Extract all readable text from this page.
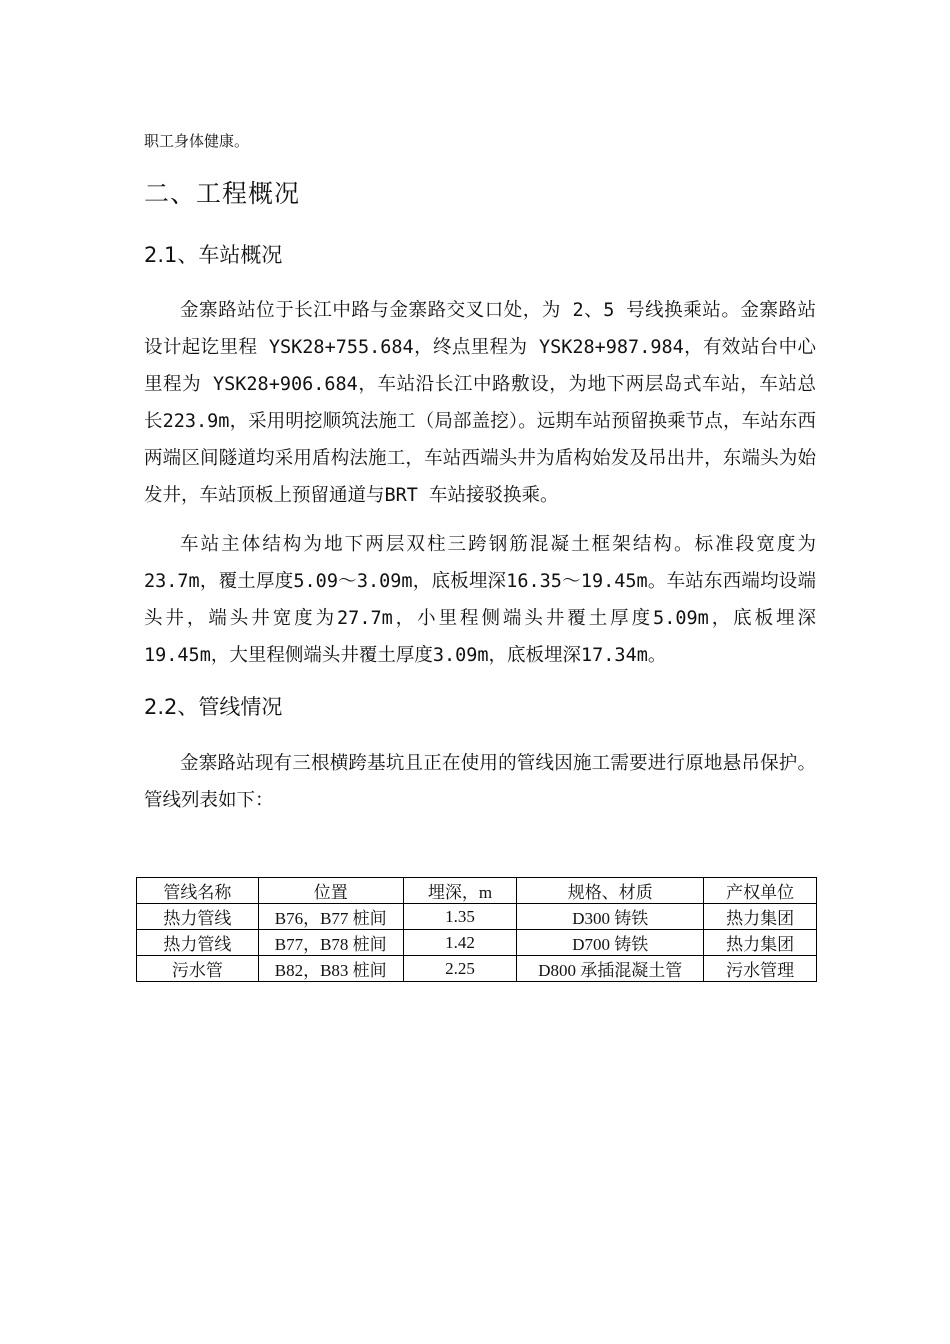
职工身体健康。
二、工程概况
2.1、车站概况
金寨路站位于长江中路与金寨路交叉口处，为 2、5 号线换乘站。金寨路站设计起讫里程 YSK28+755.684，终点里程为 YSK28+987.984，有效站台中心里程为 YSK28+906.684，车站沿长江中路敷设，为地下两层岛式车站，车站总长223.9m，采用明挖顺筑法施工（局部盖挖）。远期车站预留换乘节点，车站东西两端区间隧道均采用盾构法施工，车站西端头井为盾构始发及吊出井，东端头为始发井，车站顶板上预留通道与BRT 车站接驳换乘。
车站主体结构为地下两层双柱三跨钢筋混凝土框架结构。标准段宽度为23.7m，覆土厚度5.09～3.09m，底板埋深16.35～19.45m。车站东西端均设端头井，端头井宽度为27.7m，小里程侧端头井覆土厚度5.09m，底板埋深19.45m，大里程侧端头井覆土厚度3.09m，底板埋深17.34m。
2.2、管线情况
金寨路站现有三根横跨基坑且正在使用的管线因施工需要进行原地悬吊保护。管线列表如下：
管线名称	位置	埋深，m	规格、材质	产权单位
热力管线	B76，B77 桩间	1.35	D300 铸铁	热力集团
热力管线	B77，B78 桩间	1.42	D700 铸铁	热力集团
污水管	B82，B83 桩间	2.25	D800 承插混凝土管	污水管理
